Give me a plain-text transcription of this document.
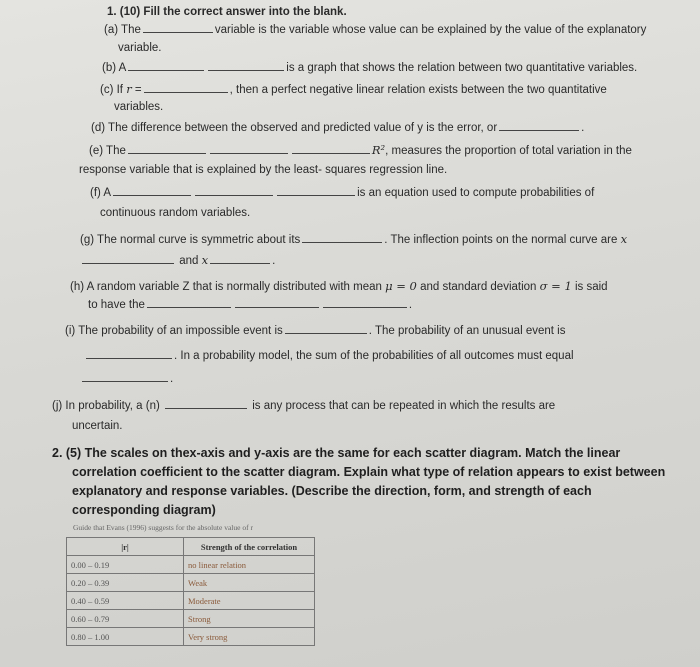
1. (10) Fill the correct answer into the blank.
(a) The	variable is the variable whose value can be explained by the value of the explanatory
variable.
(b) A	is a graph that shows the relation between two quantitative variables.
(c) If r =	, then a perfect negative linear relation exists between the two quantitative
variables.
(d) The difference between the observed and predicted value of y is the error, or	.
(e) The	R², measures the proportion of total variation in the
response variable that is explained by the least- squares regression line.
(f) A	is an equation used to compute probabilities of
continuous random variables.
(g) The normal curve is symmetric about its	. The inflection points on the normal curve are x
and x	.
(h) A random variable Z that is normally distributed with mean μ = 0 and standard deviation σ = 1 is said
to have the	.
(i) The probability of an impossible event is	. The probability of an unusual event is
. In a probability model, the sum of the probabilities of all outcomes must equal
.
(j) In probability, a (n)	is any process that can be repeated in which the results are
uncertain.
2. (5) The scales on thex-axis and y-axis are the same for each scatter diagram. Match the linear
correlation coefficient to the scatter diagram. Explain what type of relation appears to exist between
explanatory and response variables. (Describe the direction, form, and strength of each
corresponding diagram)
Guide that Evans (1996) suggests for the absolute value of r
|r|	Strength of the correlation
0.00 – 0.19	no linear relation
0.20 – 0.39	Weak
0.40 – 0.59	Moderate
0.60 – 0.79	Strong
0.80 – 1.00	Very strong
